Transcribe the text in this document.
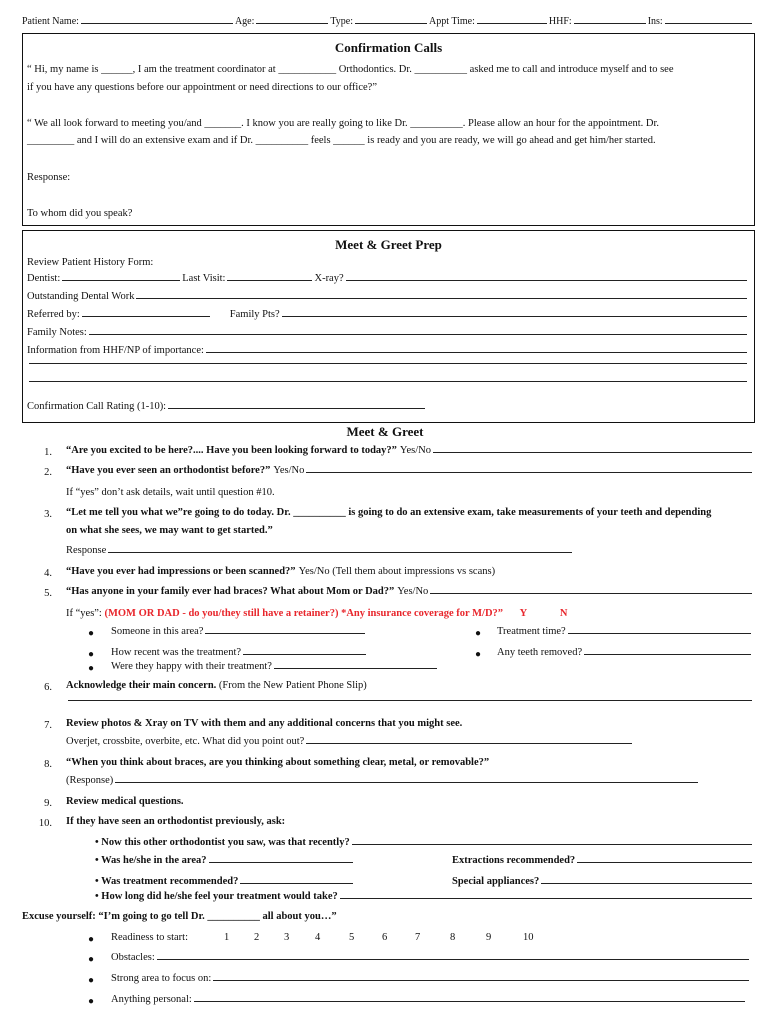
Patient Name:	Age:	Type:	Appt Time:	HHF:	Ins:
Confirmation Calls
“ Hi, my name is ______, I am the treatment coordinator at ___________ Orthodontics. Dr. __________ asked me to call and introduce myself and to see
if you have any questions before our appointment or need directions to our office?”
“ We all look forward to meeting you/and _______. I know you are really going to like Dr. __________. Please allow an hour for the appointment. Dr.
_________ and I will do an extensive exam and if Dr. __________ feels ______ is ready and you are ready, we will go ahead and get him/her started.
Response:
To whom did you speak?
Meet & Greet Prep
Review Patient History Form:
Dentist:	Last Visit:	X-ray?
Outstanding Dental Work
Referred by:	Family Pts?
Family Notes:
Information from HHF/NP of importance:
Confirmation Call Rating (1-10):
Meet & Greet
1. “Are you excited to be here?.... Have you been looking forward to today?” Yes/No
2. “Have you ever seen an orthodontist before?” Yes/No
If “yes” don’t ask details, wait until question #10.
3. “Let me tell you what we”re going to do today. Dr. __________ is going to do an extensive exam, take measurements of your teeth and depending
on what she sees, we may want to get started.”
Response
4. “Have you ever had impressions or been scanned?” Yes/No (Tell them about impressions vs scans)
5. “Has anyone in your family ever had braces? What about Mom or Dad?” Yes/No
If “yes”: (MOM OR DAD - do you/they still have a retainer?) *Any insurance coverage for M/D?” Y	N
● Someone in this area?	● Treatment time?
● How recent was the treatment?	● Any teeth removed?
● Were they happy with their treatment?
6. Acknowledge their main concern. (From the New Patient Phone Slip)
7. Review photos & Xray on TV with them and any additional concerns that you might see.
Overjet, crossbite, overbite, etc. What did you point out?
8. “When you think about braces, are you thinking about something clear, metal, or removable?”
(Response)
9. Review medical questions.
10. If they have seen an orthodontist previously, ask:
• Now this other orthodontist you saw, was that recently?
• Was he/she in the area?	Extractions recommended?
• Was treatment recommended?	Special appliances?
• How long did he/she feel your treatment would take?
Excuse yourself: “I’m going to go tell Dr. __________ all about you…”
● Readiness to start:	1 2 3 4	5	6	7	8	9	10
● Obstacles:
● Strong area to focus on:
● Anything personal:
